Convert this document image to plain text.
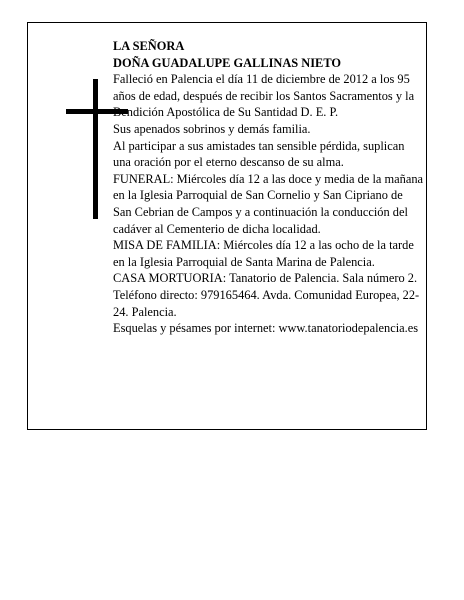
LA SEÑORA

DOÑA GUADALUPE GALLINAS NIETO

Falleció en Palencia el día 11 de diciembre de 2012 a los 95 años de edad, después de recibir los Santos Sacramentos y la Bendición Apostólica de Su Santidad D. E. P.

Sus apenados sobrinos y demás familia.

Al participar a sus amistades tan sensible pérdida, suplican una oración por el eterno descanso de su alma.

FUNERAL: Miércoles día 12 a las doce y media de la mañana en la Iglesia Parroquial de San Cornelio y San Cipriano de San Cebrian de Campos y a continuación la conducción del cadáver al Cementerio de dicha localidad.

MISA DE FAMILIA: Miércoles día 12 a las ocho de la tarde en la Iglesia Parroquial de Santa Marina de Palencia.

CASA MORTUORIA: Tanatorio de Palencia. Sala número 2. Teléfono directo: 979165464. Avda. Comunidad Europea, 22-24. Palencia.

Esquelas y pésames por internet: www.tanatoriodepalencia.es
